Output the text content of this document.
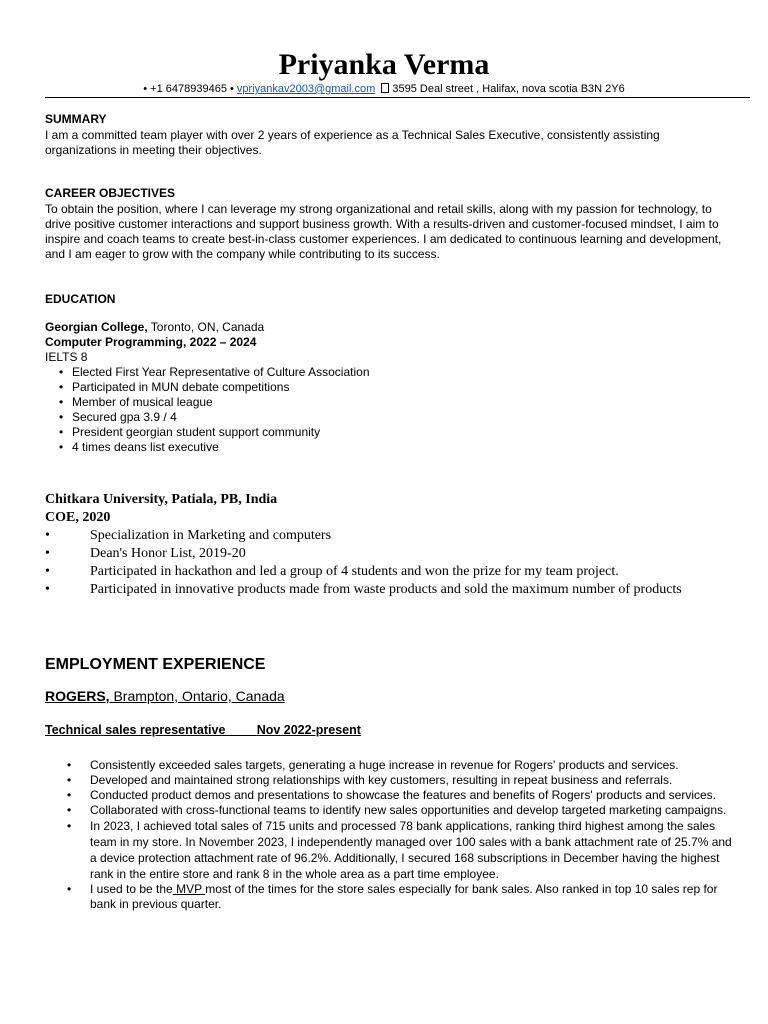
Priyanka Verma
• +1 6478939465 • vpriyankav2003@gmail.com 3595 Deal street , Halifax, nova scotia B3N 2Y6
SUMMARY
I am a committed team player with over 2 years of experience as a Technical Sales Executive, consistently assisting organizations in meeting their objectives.
CAREER OBJECTIVES
To obtain the position, where I can leverage my strong organizational and retail skills, along with my passion for technology, to drive positive customer interactions and support business growth. With a results-driven and customer-focused mindset, I aim to inspire and coach teams to create best-in-class customer experiences. I am dedicated to continuous learning and development, and I am eager to grow with the company while contributing to its success.
EDUCATION
Georgian College, Toronto, ON, Canada
Computer Programming, 2022 – 2024
IELTS 8
• Elected First Year Representative of Culture Association
• Participated in MUN debate competitions
• Member of musical league
• Secured gpa 3.9 / 4
• President georgian student support community
• 4 times deans list executive
Chitkara University, Patiala, PB, India
COE, 2020
•	Specialization in Marketing and computers
•	Dean's Honor List, 2019-20
•	Participated in hackathon and led a group of 4 students and won the prize for my team project.
•	Participated in innovative products made from waste products and sold the maximum number of products
EMPLOYMENT EXPERIENCE
ROGERS, Brampton, Ontario, Canada
Technical sales representative	Nov 2022-present
• Consistently exceeded sales targets, generating a huge increase in revenue for Rogers' products and services.
• Developed and maintained strong relationships with key customers, resulting in repeat business and referrals.
• Conducted product demos and presentations to showcase the features and benefits of Rogers' products and services.
• Collaborated with cross-functional teams to identify new sales opportunities and develop targeted marketing campaigns.
• In 2023, I achieved total sales of 715 units and processed 78 bank applications, ranking third highest among the sales team in my store. In November 2023, I independently managed over 100 sales with a bank attachment rate of 25.7% and a device protection attachment rate of 96.2%. Additionally, I secured 168 subscriptions in December having the highest rank in the entire store and rank 8 in the whole area as a part time employee.
• I used to be the MVP most of the times for the store sales especially for bank sales. Also ranked in top 10 sales rep for bank in previous quarter.
